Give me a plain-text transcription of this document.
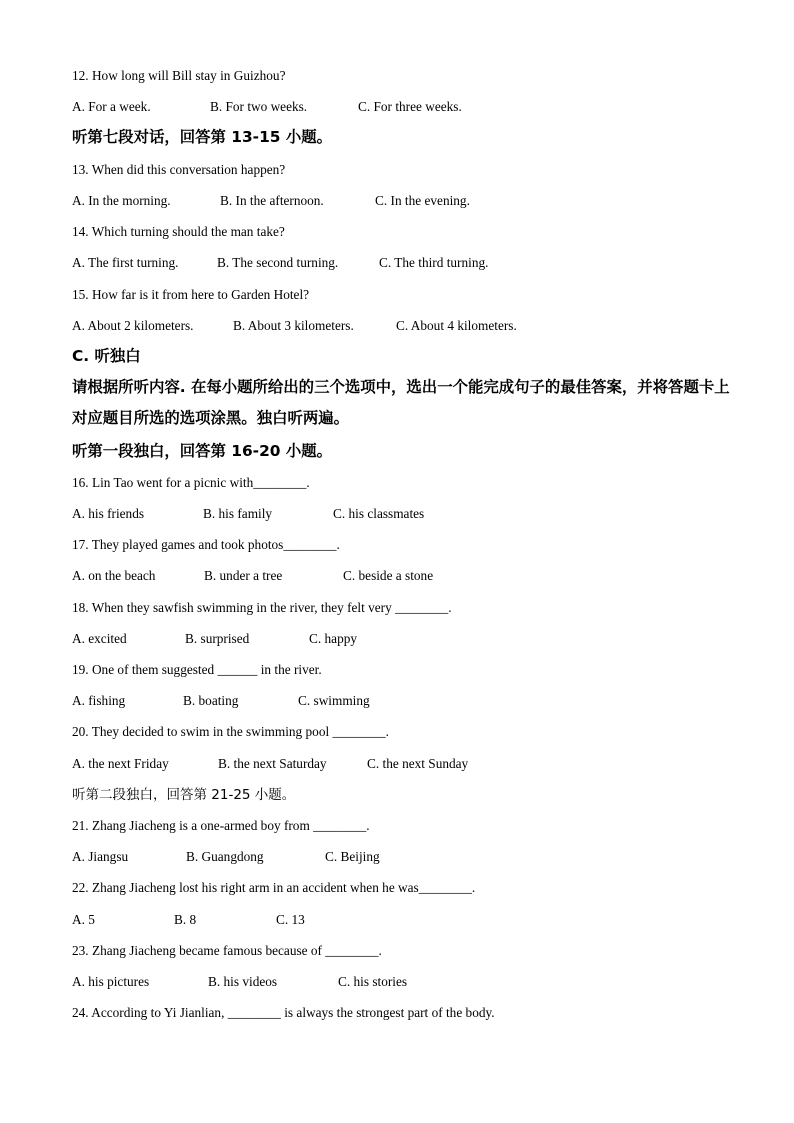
12. How long will Bill stay in Guizhou?
A. For a week.	B. For two weeks.	C. For three weeks.
听第七段对话，回答第 13-15 小题。
13. When did this conversation happen?
A. In the morning.	B. In the afternoon.	C. In the evening.
14. Which turning should the man take?
A. The first turning.	B. The second turning.	C. The third turning.
15. How far is it from here to Garden Hotel?
A. About 2 kilometers.	B. About 3 kilometers.	C. About 4 kilometers.
C. 听独白
请根据所听内容. 在每小题所给出的三个选项中，选出一个能完成句子的最佳答案，并将答题卡上对应题目所选的选项涂黑。独白听两遍。
听第一段独白，回答第 16-20 小题。
16. Lin Tao went for a picnic with________.
A. his friends	B. his family	C. his classmates
17. They played games and took photos________.
A. on the beach	B. under a tree	C. beside a stone
18. When they sawfish swimming in the river, they felt very ________.
A. excited	B. surprised	C. happy
19. One of them suggested ______ in the river.
A. fishing	B. boating	C. swimming
20. They decided to swim in the swimming pool ________.
A. the next Friday	B. the next Saturday	C. the next Sunday
听第二段独白，回答第 21-25 小题。
21. Zhang Jiacheng is a one-armed boy from ________.
A. Jiangsu	B. Guangdong	C. Beijing
22. Zhang Jiacheng lost his right arm in an accident when he was________.
A. 5	B. 8	C. 13
23. Zhang Jiacheng became famous because of ________.
A. his pictures	B. his videos	C. his stories
24. According to Yi Jianlian, ________ is always the strongest part of the body.
